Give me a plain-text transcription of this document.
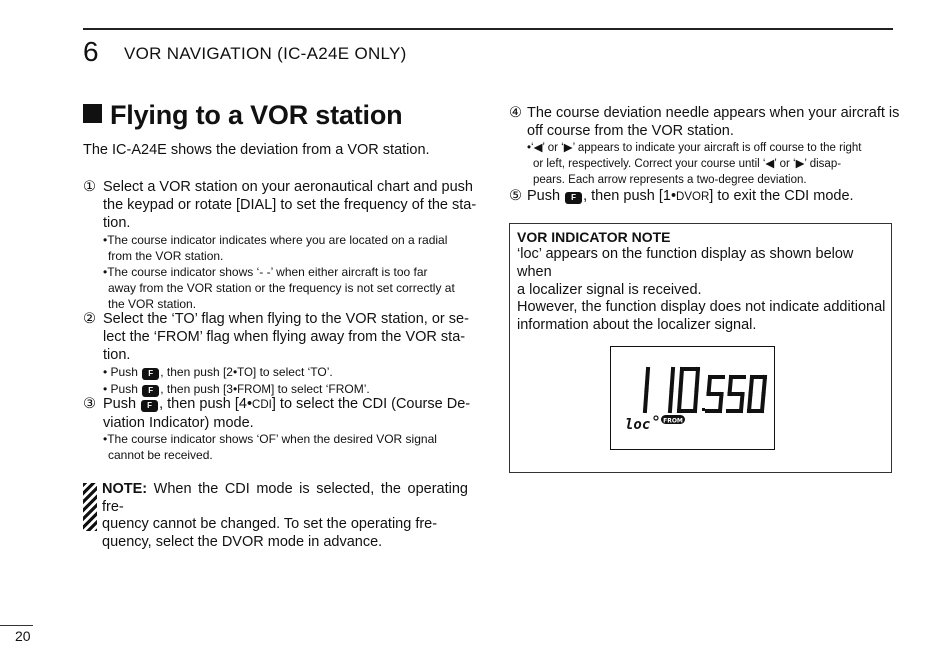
6 VOR NAVIGATION (IC-A24E ONLY)
Flying to a VOR station
The IC-A24E shows the deviation from a VOR station.
① Select a VOR station on your aeronautical chart and push
the keypad or rotate [DIAL] to set the frequency of the sta-
tion.
•The course indicator indicates where you are located on a radial
from the VOR station.
•The course indicator shows ‘- -’ when either aircraft is too far
away from the VOR station or the frequency is not set correctly at
the VOR station.
② Select the ‘TO’ flag when flying to the VOR station, or se-
lect the ‘FROM’ flag when flying away from the VOR sta-
tion.
• Push F , then push [2•TO] to select ‘TO’.
• Push F , then push [3•FROM] to select ‘FROM’.
③ Push F , then push [4•CDI] to select the CDI (Course De-
viation Indicator) mode.
•The course indicator shows ‘OF’ when the desired VOR signal
cannot be received.
NOTE: When the CDI mode is selected, the operating fre-
quency cannot be changed. To set the operating fre-
quency, select the DVOR mode in advance.
④ The course deviation needle appears when your aircraft is
off course from the VOR station.
•‘◀’ or ‘▶’ appears to indicate your aircraft is off course to the right
or left, respectively. Correct your course until ‘◀’ or ‘▶’ disap-
pears. Each arrow represents a two-degree deviation.
⑤ Push F , then push [1•DVOR] to exit the CDI mode.
VOR INDICATOR NOTE
‘loc’ appears on the function display as shown below when
a localizer signal is received.
However, the function display does not indicate additional
information about the localizer signal.
loc FROM
20
